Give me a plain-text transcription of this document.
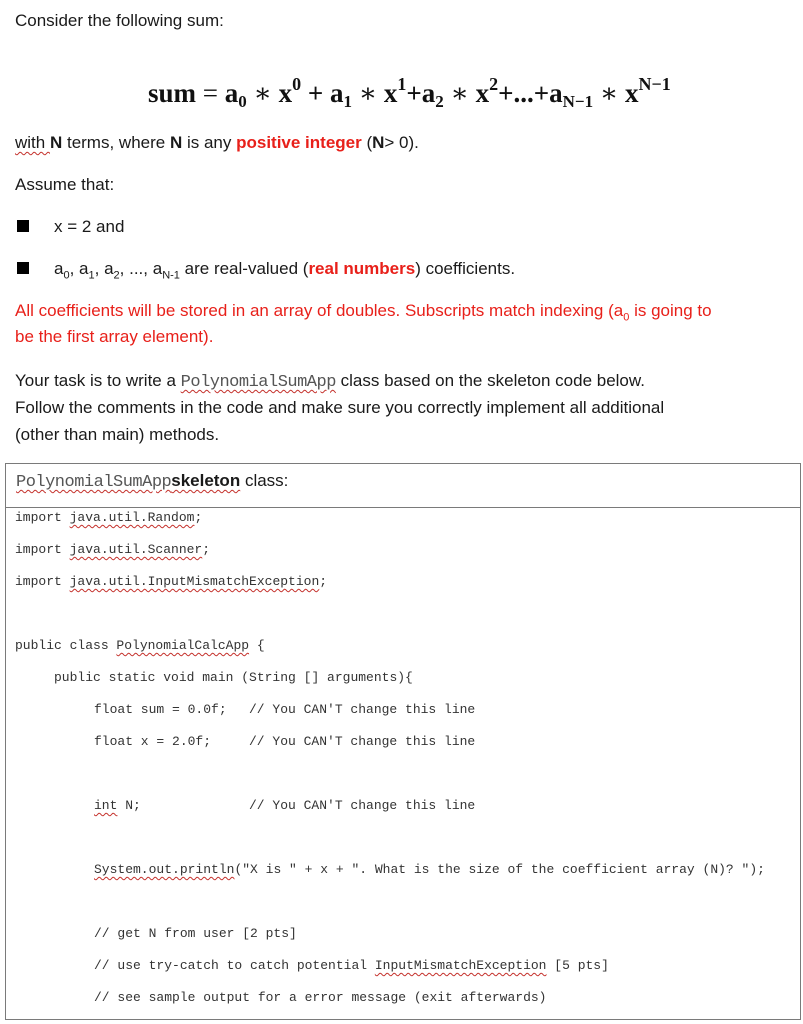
Consider the following sum:

sum = $a_0$ ∗ $x^0 + a_1$ ∗ $x^1+a_2$ ∗ $x^2+...+a_{N-1}$ ∗ $x^{N-1}$

with N terms, where N is any positive integer (N> 0).

Assume that:

x = 2 and
$a_0$, $a_1$, $a_2$, ..., $a_{N-1}$ are real-valued (real numbers) coefficients.

All coefficients will be stored in an array of doubles. Subscripts match indexing ($a_0$ is going to

be the first array element).

Your task is to write a PolynomialSumApp class based on the skeleton code below.

Follow the comments in the code and make sure you correctly implement all additional

(other than main) methods.

PolynomialSumAppskeleton class:
import java.util.Random;
import java.util.Scanner;
import java.util.InputMismatchException;
public class PolynomialCalcApp {
public static void main (String [] arguments){
float sum = 0.0f; // You CAN'T change this line
float x = 2.0f;	// You CAN'T change this line
int N;	// You CAN'T change this line
System.out.println("X is " + x + ". What is the size of the coefficient array (N)? ");
// get N from user [2 pts]
// use try-catch to catch potential InputMismatchException [5 pts]
// see sample output for a error message (exit afterwards)
